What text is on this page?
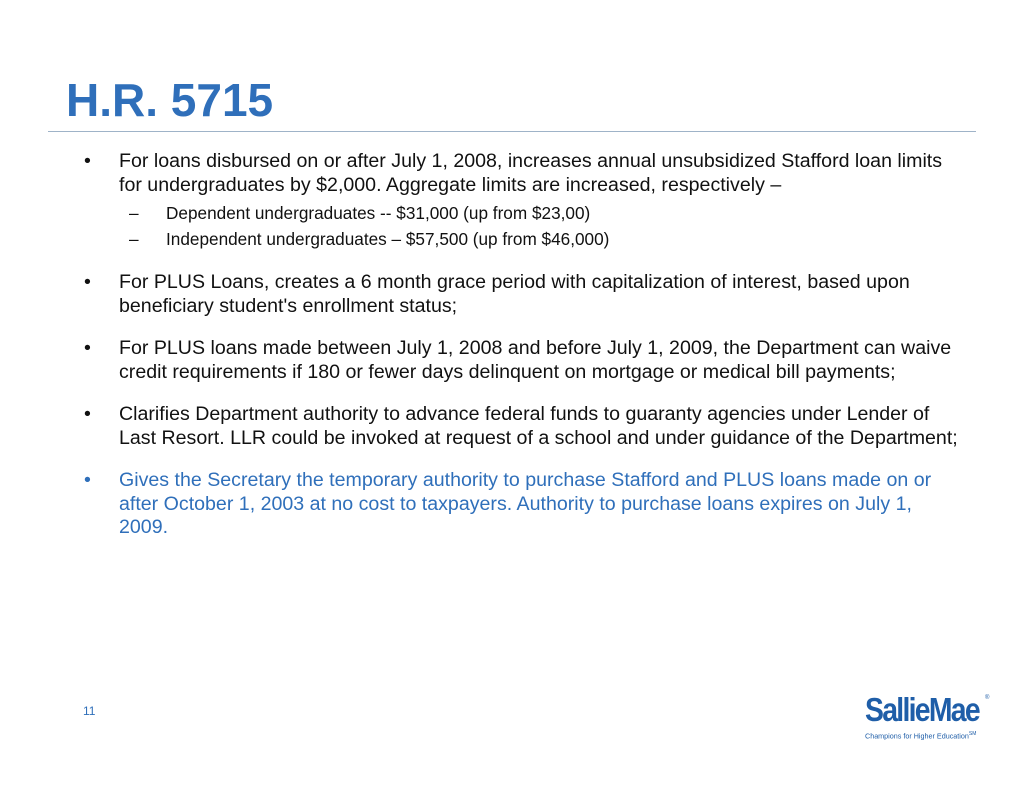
H.R. 5715
•	For loans disbursed on or after July 1, 2008, increases annual unsubsidized Stafford loan limits for undergraduates by $2,000. Aggregate limits are increased, respectively –
– Dependent undergraduates -- $31,000 (up from $23,00)
– Independent undergraduates – $57,500 (up from $46,000)
•	For PLUS Loans, creates a 6 month grace period with capitalization of interest, based upon beneficiary student's enrollment status;
•	For PLUS loans made between July 1, 2008 and before July 1, 2009, the Department can waive credit requirements if 180 or fewer days delinquent on mortgage or medical bill payments;
•	Clarifies Department authority to advance federal funds to guaranty agencies under Lender of Last Resort. LLR could be invoked at request of a school and under guidance of the Department;
•	Gives the Secretary the temporary authority to purchase Stafford and PLUS loans made on or after October 1, 2003 at no cost to taxpayers. Authority to purchase loans expires on July 1, 2009.
11	SallieMae ®
Champions for Higher Education℠
